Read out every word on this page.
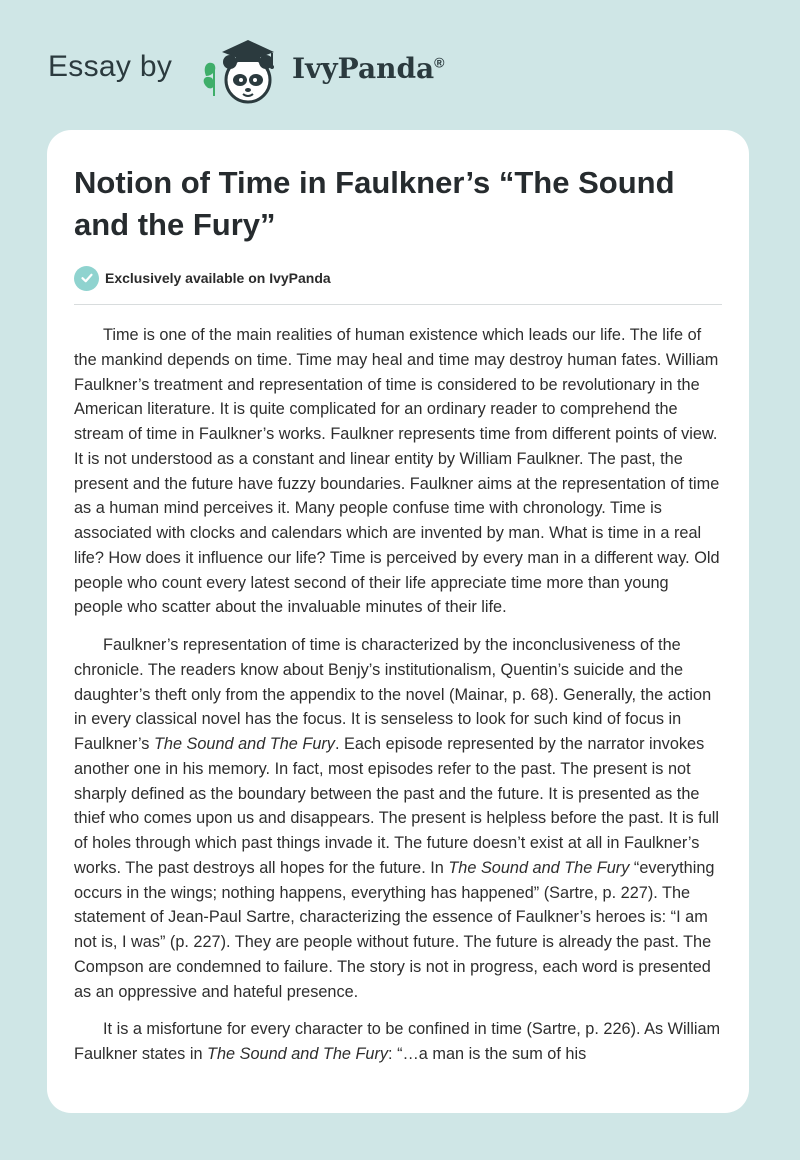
Essay by	IvyPanda®
Notion of Time in Faulkner’s “The Sound and the Fury”
Exclusively available on IvyPanda

Time is one of the main realities of human existence which leads our life. The life of the mankind depends on time. Time may heal and time may destroy human fates. William Faulkner’s treatment and representation of time is considered to be revolutionary in the American literature. It is quite complicated for an ordinary reader to comprehend the stream of time in Faulkner’s works. Faulkner represents time from different points of view. It is not understood as a constant and linear entity by William Faulkner. The past, the present and the future have fuzzy boundaries. Faulkner aims at the representation of time as a human mind perceives it. Many people confuse time with chronology. Time is associated with clocks and calendars which are invented by man. What is time in a real life? How does it influence our life? Time is perceived by every man in a different way. Old people who count every latest second of their life appreciate time more than young people who scatter about the invaluable minutes of their life.

Faulkner’s representation of time is characterized by the inconclusiveness of the chronicle. The readers know about Benjy’s institutionalism, Quentin’s suicide and the daughter’s theft only from the appendix to the novel (Mainar, p. 68). Generally, the action in every classical novel has the focus. It is senseless to look for such kind of focus in Faulkner’s The Sound and The Fury. Each episode represented by the narrator invokes another one in his memory. In fact, most episodes refer to the past. The present is not sharply defined as the boundary between the past and the future. It is presented as the thief who comes upon us and disappears. The present is helpless before the past. It is full of holes through which past things invade it. The future doesn’t exist at all in Faulkner’s works. The past destroys all hopes for the future. In The Sound and The Fury “everything occurs in the wings; nothing happens, everything has happened” (Sartre, p. 227). The statement of Jean-Paul Sartre, characterizing the essence of Faulkner’s heroes is: “I am not is, I was” (p. 227). They are people without future. The future is already the past. The Compson are condemned to failure. The story is not in progress, each word is presented as an oppressive and hateful presence.

It is a misfortune for every character to be confined in time (Sartre, p. 226). As William Faulkner states in The Sound and The Fury: “…a man is the sum of his
